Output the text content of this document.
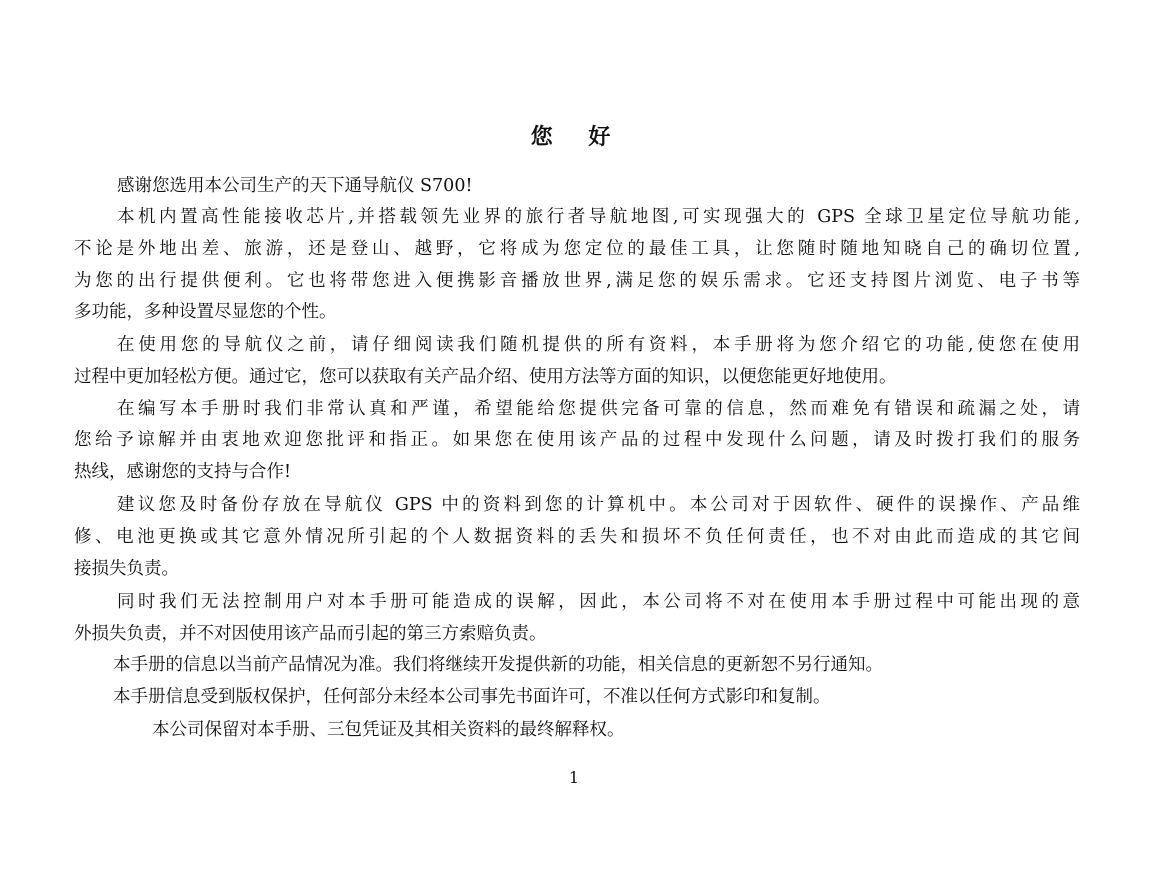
您 好
感谢您选用本公司生产的天下通导航仪 S700!
本机内置高性能接收芯片,并搭载领先业界的旅行者导航地图,可实现强大的 GPS 全球卫星定位导航功能,
不论是外地出差、旅游，还是登山、越野，它将成为您定位的最佳工具，让您随时随地知晓自己的确切位置,
为您的出行提供便利。它也将带您进入便携影音播放世界,满足您的娱乐需求。它还支持图片浏览、电子书等
多功能，多种设置尽显您的个性。
在使用您的导航仪之前，请仔细阅读我们随机提供的所有资料，本手册将为您介绍它的功能,使您在使用
过程中更加轻松方便。通过它，您可以获取有关产品介绍、使用方法等方面的知识，以便您能更好地使用。
在编写本手册时我们非常认真和严谨，希望能给您提供完备可靠的信息，然而难免有错误和疏漏之处，请
您给予谅解并由衷地欢迎您批评和指正。如果您在使用该产品的过程中发现什么问题，请及时拨打我们的服务
热线，感谢您的支持与合作!
建议您及时备份存放在导航仪 GPS 中的资料到您的计算机中。本公司对于因软件、硬件的误操作、产品维
修、电池更换或其它意外情况所引起的个人数据资料的丢失和损坏不负任何责任，也不对由此而造成的其它间
接损失负责。
同时我们无法控制用户对本手册可能造成的误解，因此，本公司将不对在使用本手册过程中可能出现的意
外损失负责，并不对因使用该产品而引起的第三方索赔负责。
本手册的信息以当前产品情况为准。我们将继续开发提供新的功能，相关信息的更新恕不另行通知。
本手册信息受到版权保护，任何部分未经本公司事先书面许可，不准以任何方式影印和复制。
本公司保留对本手册、三包凭证及其相关资料的最终解释权。
1
